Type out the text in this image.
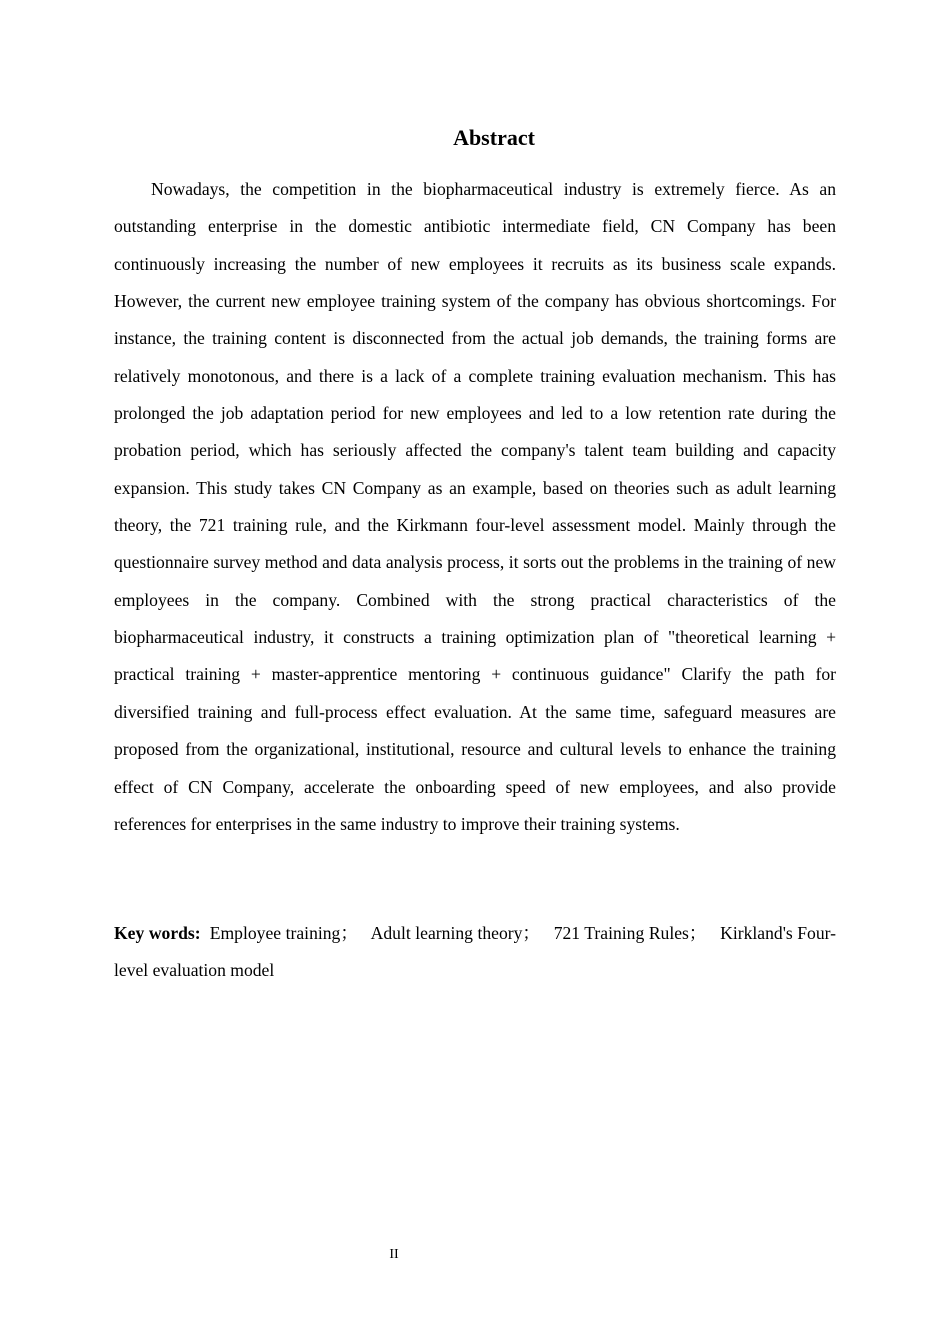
Abstract

Nowadays, the competition in the biopharmaceutical industry is extremely fierce. As an outstanding enterprise in the domestic antibiotic intermediate field, CN Company has been continuously increasing the number of new employees it recruits as its business scale expands. However, the current new employee training system of the company has obvious shortcomings. For instance, the training content is disconnected from the actual job demands, the training forms are relatively monotonous, and there is a lack of a complete training evaluation mechanism. This has prolonged the job adaptation period for new employees and led to a low retention rate during the probation period, which has seriously affected the company's talent team building and capacity expansion. This study takes CN Company as an example, based on theories such as adult learning theory, the 721 training rule, and the Kirkmann four-level assessment model. Mainly through the questionnaire survey method and data analysis process, it sorts out the problems in the training of new employees in the company. Combined with the strong practical characteristics of the biopharmaceutical industry, it constructs a training optimization plan of "theoretical learning + practical training + master-apprentice mentoring + continuous guidance" Clarify the path for diversified training and full-process effect evaluation. At the same time, safeguard measures are proposed from the organizational, institutional, resource and cultural levels to enhance the training effect of CN Company, accelerate the onboarding speed of new employees, and also provide references for enterprises in the same industry to improve their training systems.

Key words: Employee training； Adult learning theory； 721 Training Rules； Kirkland's Four-level evaluation model

II
